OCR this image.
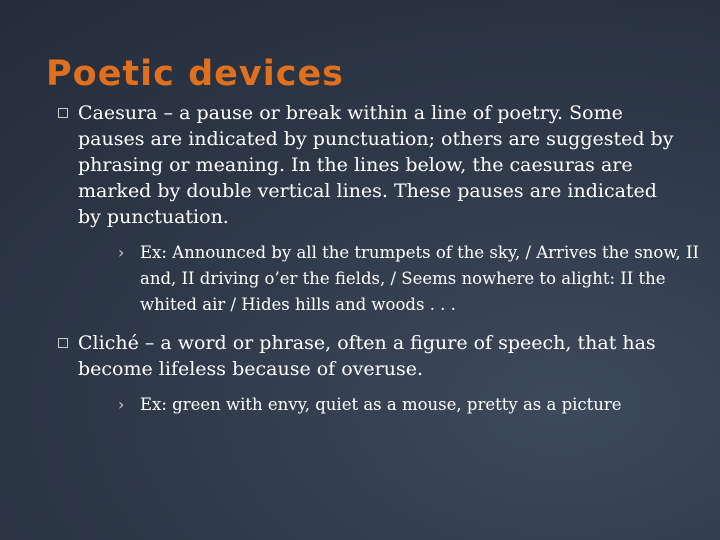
Poetic devices
Caesura – a pause or break within a line of poetry. Some pauses are indicated by punctuation; others are suggested by phrasing or meaning. In the lines below, the caesuras are marked by double vertical lines. These pauses are indicated by punctuation.
› Ex: Announced by all the trumpets of the sky, / Arrives the snow, II and, II driving o’er the fields, / Seems nowhere to alight: II the whited air / Hides hills and woods . . .
Cliché – a word or phrase, often a figure of speech, that has become lifeless because of overuse.
› Ex: green with envy, quiet as a mouse, pretty as a picture
